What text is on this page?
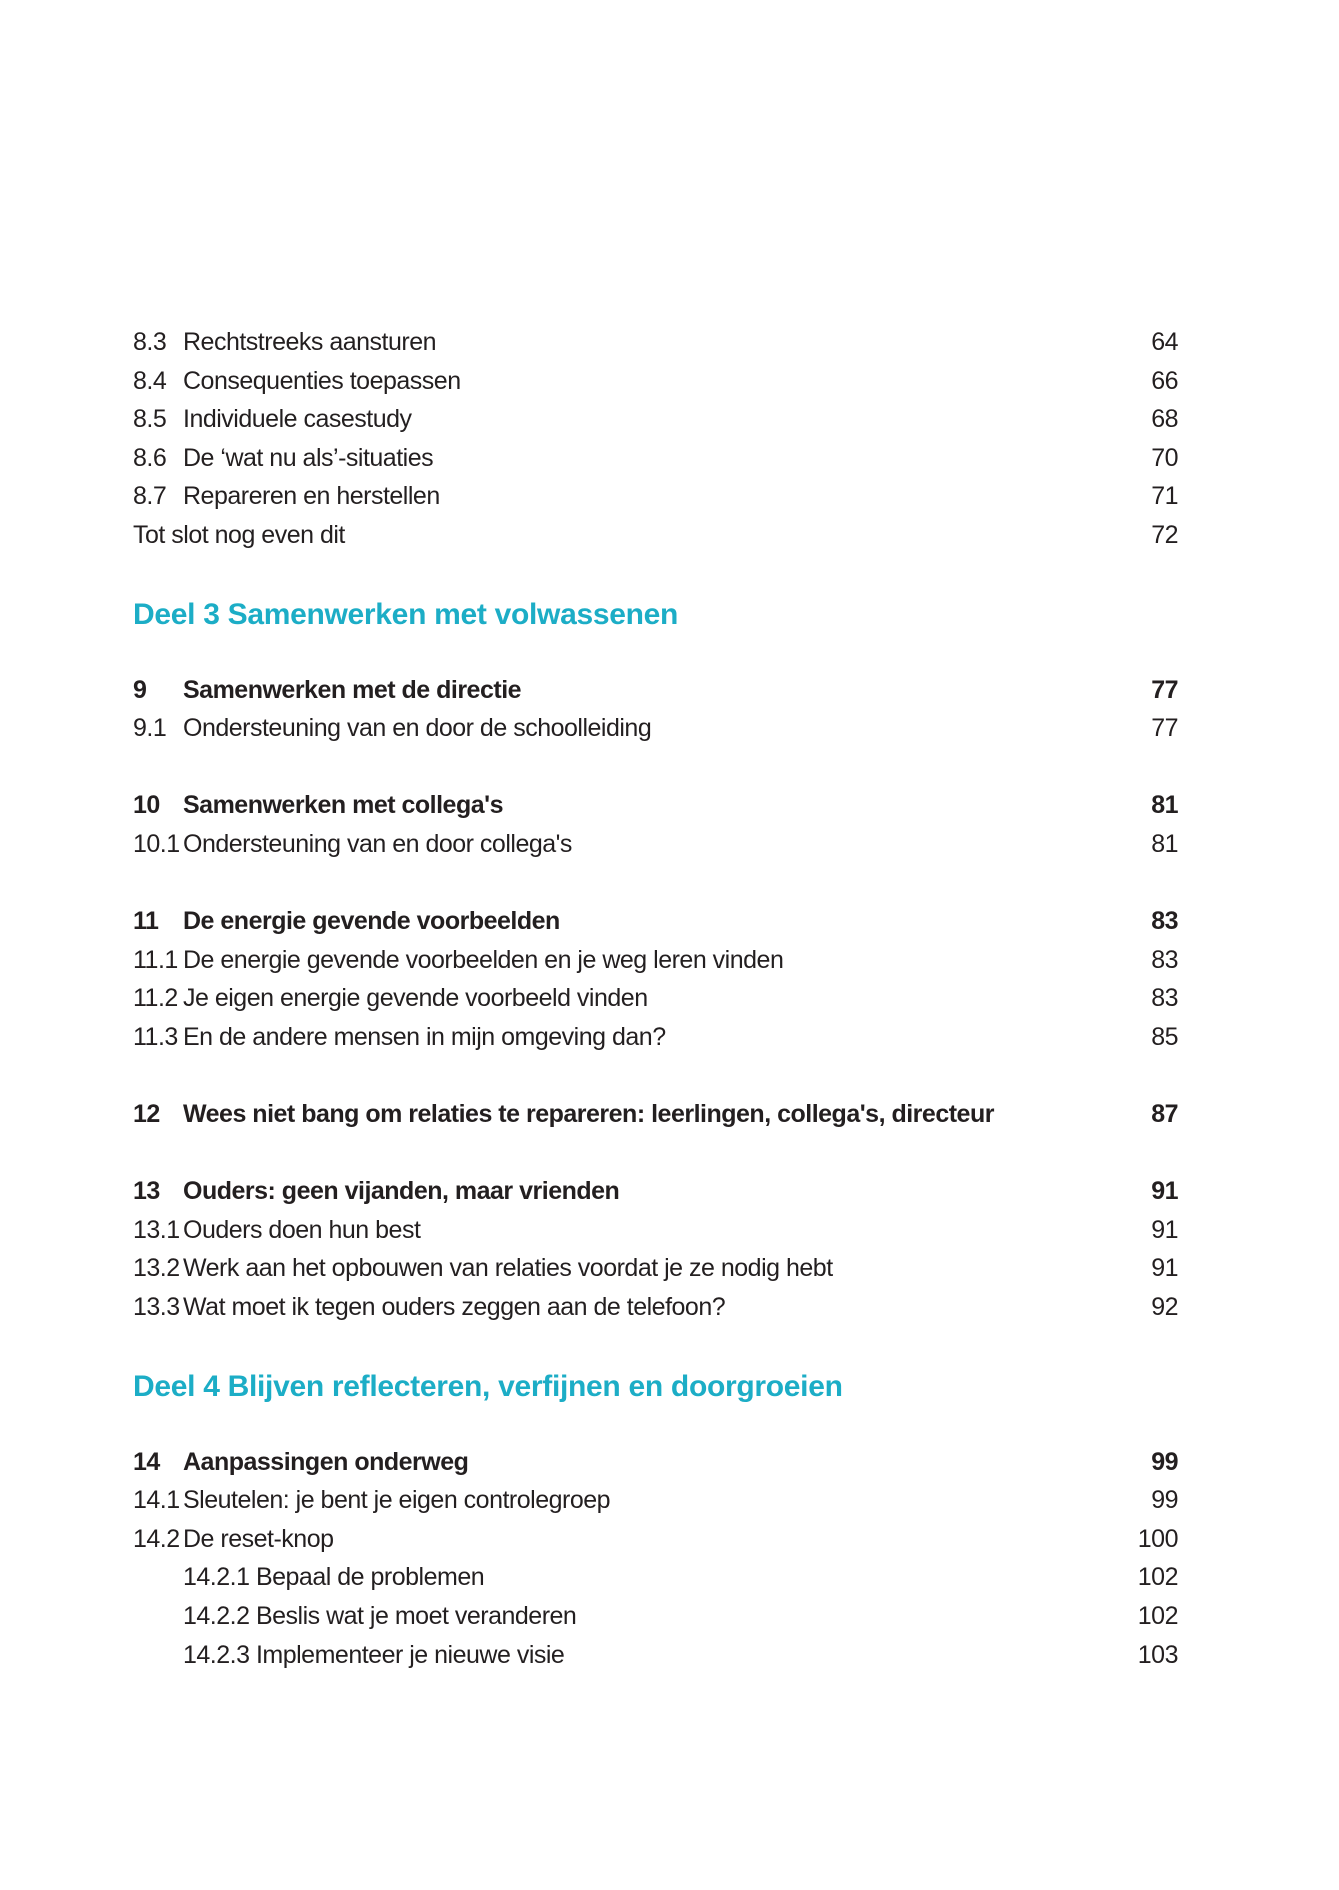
8.3 Rechtstreeks aansturen	64
8.4 Consequenties toepassen	66
8.5 Individuele casestudy	68
8.6 De ‘wat nu als’-situaties	70
8.7 Repareren en herstellen	71
Tot slot nog even dit	72
Deel 3 Samenwerken met volwassenen
9	Samenwerken met de directie	77
9.1 Ondersteuning van en door de schoolleiding	77
10 Samenwerken met collega's	81
10.1 Ondersteuning van en door collega's	81
11 De energie gevende voorbeelden	83
11.1 De energie gevende voorbeelden en je weg leren vinden	83
11.2 Je eigen energie gevende voorbeeld vinden	83
11.3 En de andere mensen in mijn omgeving dan?	85
12 Wees niet bang om relaties te repareren: leerlingen, collega's, directeur	87
13 Ouders: geen vijanden, maar vrienden	91
13.1 Ouders doen hun best	91
13.2 Werk aan het opbouwen van relaties voordat je ze nodig hebt	91
13.3 Wat moet ik tegen ouders zeggen aan de telefoon?	92
Deel 4 Blijven reflecteren, verfijnen en doorgroeien
14 Aanpassingen onderweg	99
14.1 Sleutelen: je bent je eigen controlegroep	99
14.2 De reset-knop	100
14.2.1 Bepaal de problemen	102
14.2.2 Beslis wat je moet veranderen	102
14.2.3 Implementeer je nieuwe visie	103
